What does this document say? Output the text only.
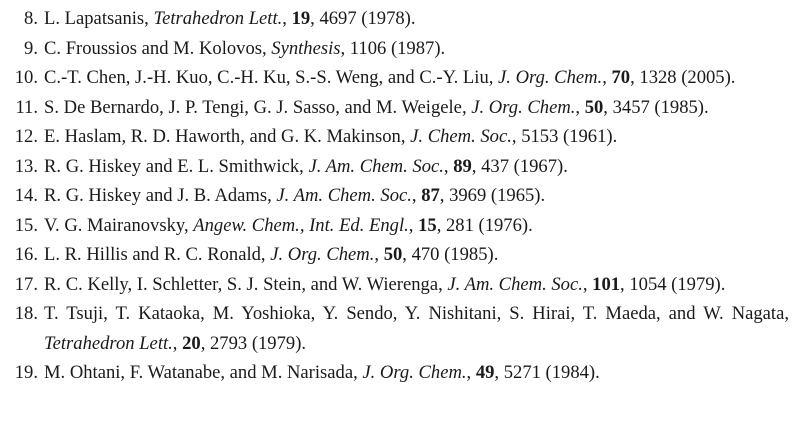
8. L. Lapatsanis, Tetrahedron Lett., 19, 4697 (1978).
9. C. Froussios and M. Kolovos, Synthesis, 1106 (1987).
10. C.-T. Chen, J.-H. Kuo, C.-H. Ku, S.-S. Weng, and C.-Y. Liu, J. Org. Chem., 70, 1328 (2005).
11. S. De Bernardo, J. P. Tengi, G. J. Sasso, and M. Weigele, J. Org. Chem., 50, 3457 (1985).
12. E. Haslam, R. D. Haworth, and G. K. Makinson, J. Chem. Soc., 5153 (1961).
13. R. G. Hiskey and E. L. Smithwick, J. Am. Chem. Soc., 89, 437 (1967).
14. R. G. Hiskey and J. B. Adams, J. Am. Chem. Soc., 87, 3969 (1965).
15. V. G. Mairanovsky, Angew. Chem., Int. Ed. Engl., 15, 281 (1976).
16. L. R. Hillis and R. C. Ronald, J. Org. Chem., 50, 470 (1985).
17. R. C. Kelly, I. Schletter, S. J. Stein, and W. Wierenga, J. Am. Chem. Soc., 101, 1054 (1979).
18. T. Tsuji, T. Kataoka, M. Yoshioka, Y. Sendo, Y. Nishitani, S. Hirai, T. Maeda, and W. Nagata, Tetrahedron Lett., 20, 2793 (1979).
19. M. Ohtani, F. Watanabe, and M. Narisada, J. Org. Chem., 49, 5271 (1984).
